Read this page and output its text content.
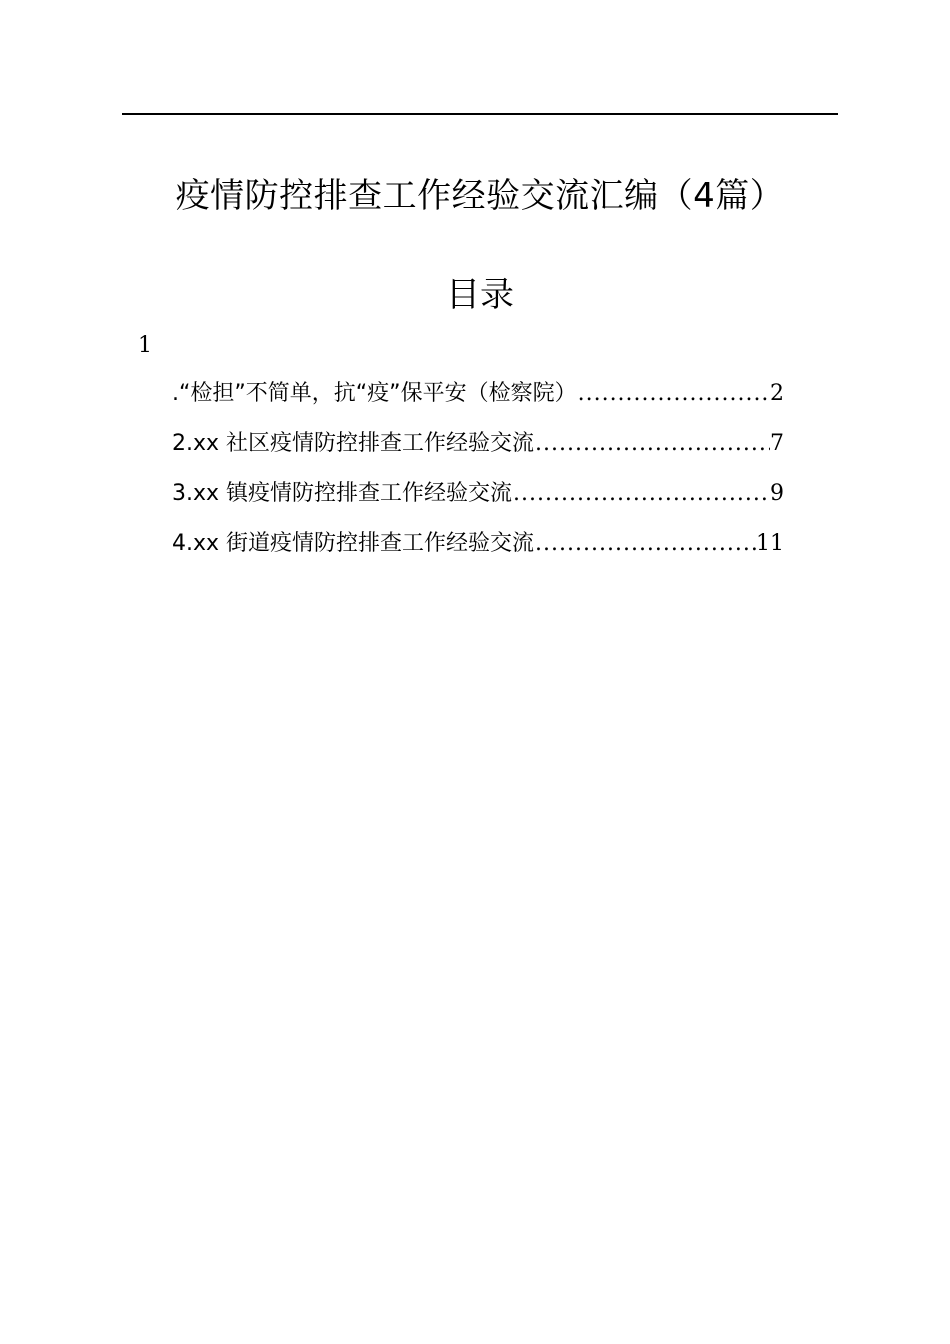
疫情防控排查工作经验交流汇编（4篇）
目录
1
.“检担”不简单，抗“疫”保平安（检察院） .....	2
2.xx 社区疫情防控排查工作经验交流 .....	7
3.xx 镇疫情防控排查工作经验交流 .....	9
4.xx 街道疫情防控排查工作经验交流 .....	11
